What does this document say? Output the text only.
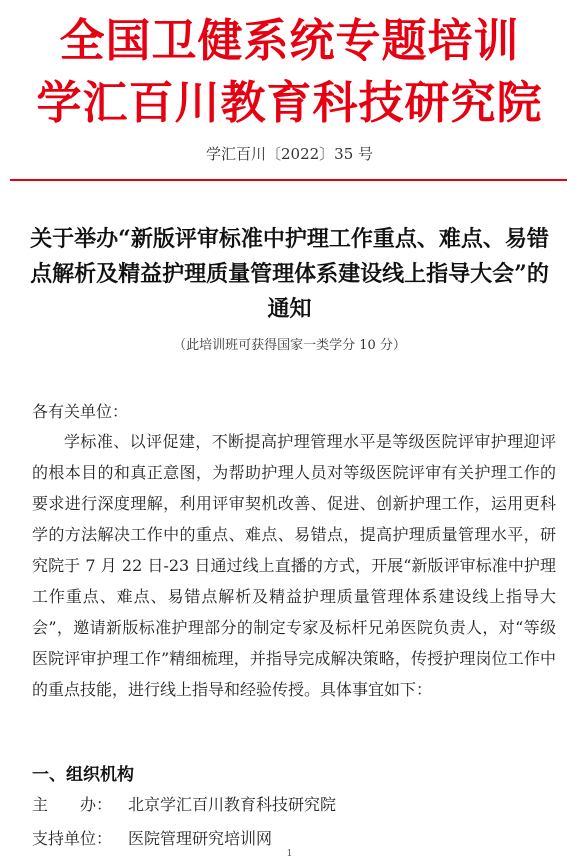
全国卫健系统专题培训
学汇百川教育科技研究院
学汇百川〔2022〕35 号
关于举办“新版评审标准中护理工作重点、难点、易错点解析及精益护理质量管理体系建设线上指导大会”的通知
（此培训班可获得国家一类学分 10 分）
各有关单位：
学标准、以评促建，不断提高护理管理水平是等级医院评审护理迎评的根本目的和真正意图，为帮助护理人员对等级医院评审有关护理工作的要求进行深度理解，利用评审契机改善、促进、创新护理工作，运用更科学的方法解决工作中的重点、难点、易错点，提高护理质量管理水平，研究院于 7 月 22 日-23 日通过线上直播的方式，开展“新版评审标准中护理工作重点、难点、易错点解析及精益护理质量管理体系建设线上指导大会”，邀请新版标准护理部分的制定专家及标杆兄弟医院负责人，对“等级医院评审护理工作”精细梳理，并指导完成解决策略，传授护理岗位工作中的重点技能，进行线上指导和经验传授。具体事宜如下：
一、组织机构
主　　办： 北京学汇百川教育科技研究院
支持单位： 医院管理研究培训网
1
